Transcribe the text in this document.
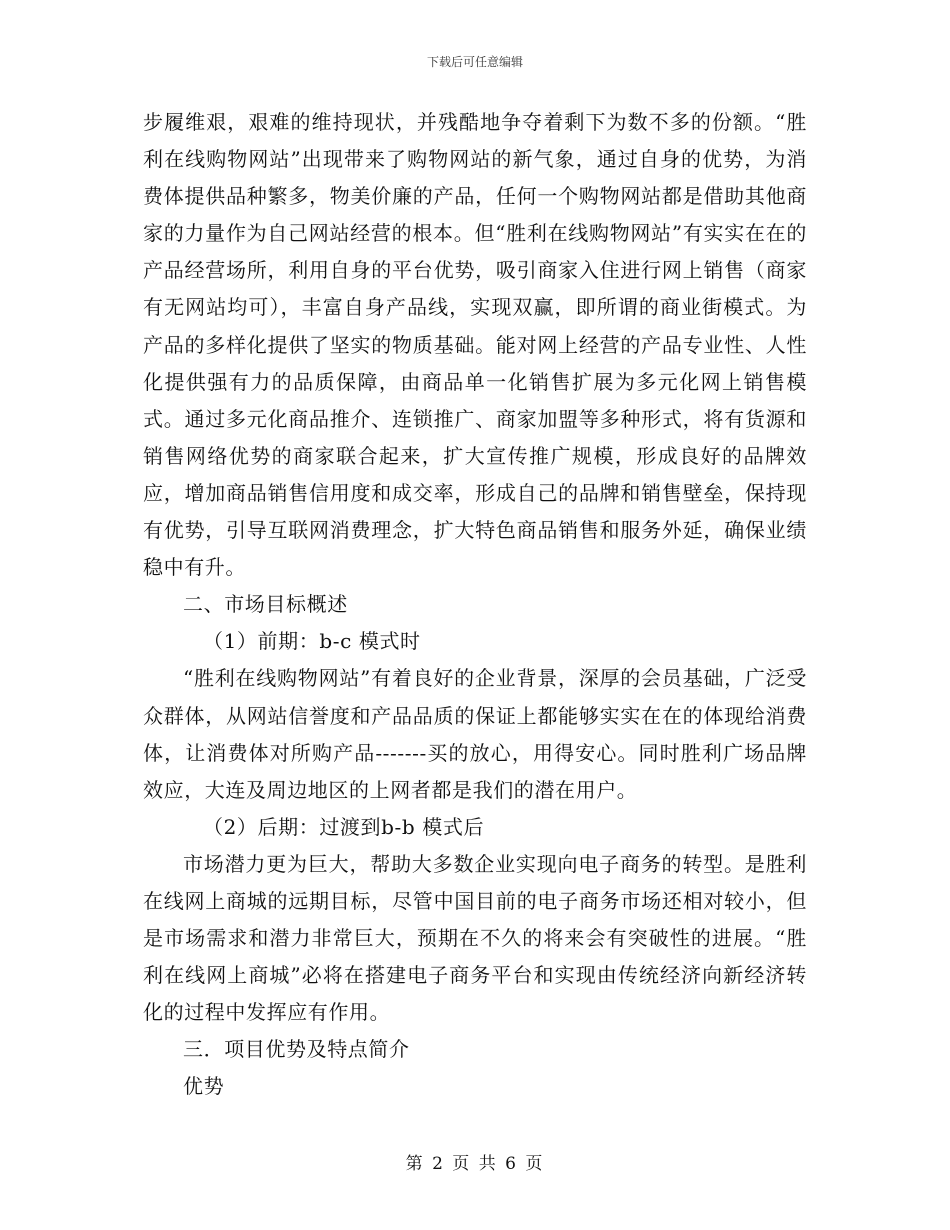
下载后可任意编辑

步履维艰，艰难的维持现状，并残酷地争夺着剩下为数不多的份额。“胜利在线购物网站”出现带来了购物网站的新气象，通过自身的优势，为消费体提供品种繁多，物美价廉的产品，任何一个购物网站都是借助其他商家的力量作为自己网站经营的根本。但“胜利在线购物网站”有实实在在的产品经营场所，利用自身的平台优势，吸引商家入住进行网上销售（商家有无网站均可），丰富自身产品线，实现双赢，即所谓的商业街模式。为产品的多样化提供了坚实的物质基础。能对网上经营的产品专业性、人性化提供强有力的品质保障，由商品单一化销售扩展为多元化网上销售模式。通过多元化商品推介、连锁推广、商家加盟等多种形式，将有货源和销售网络优势的商家联合起来，扩大宣传推广规模，形成良好的品牌效应，增加商品销售信用度和成交率，形成自己的品牌和销售壁垒，保持现有优势，引导互联网消费理念，扩大特色商品销售和服务外延，确保业绩稳中有升。

二、市场目标概述

（1）前期：b-c 模式时

“胜利在线购物网站”有着良好的企业背景，深厚的会员基础，广泛受众群体，从网站信誉度和产品品质的保证上都能够实实在在的体现给消费体，让消费体对所购产品-------买的放心，用得安心。同时胜利广场品牌效应，大连及周边地区的上网者都是我们的潜在用户。

（2）后期：过渡到b-b 模式后

市场潜力更为巨大，帮助大多数企业实现向电子商务的转型。是胜利在线网上商城的远期目标，尽管中国目前的电子商务市场还相对较小，但是市场需求和潜力非常巨大，预期在不久的将来会有突破性的进展。“胜利在线网上商城”必将在搭建电子商务平台和实现由传统经济向新经济转化的过程中发挥应有作用。

三．项目优势及特点简介

优势

第 2 页 共 6 页
